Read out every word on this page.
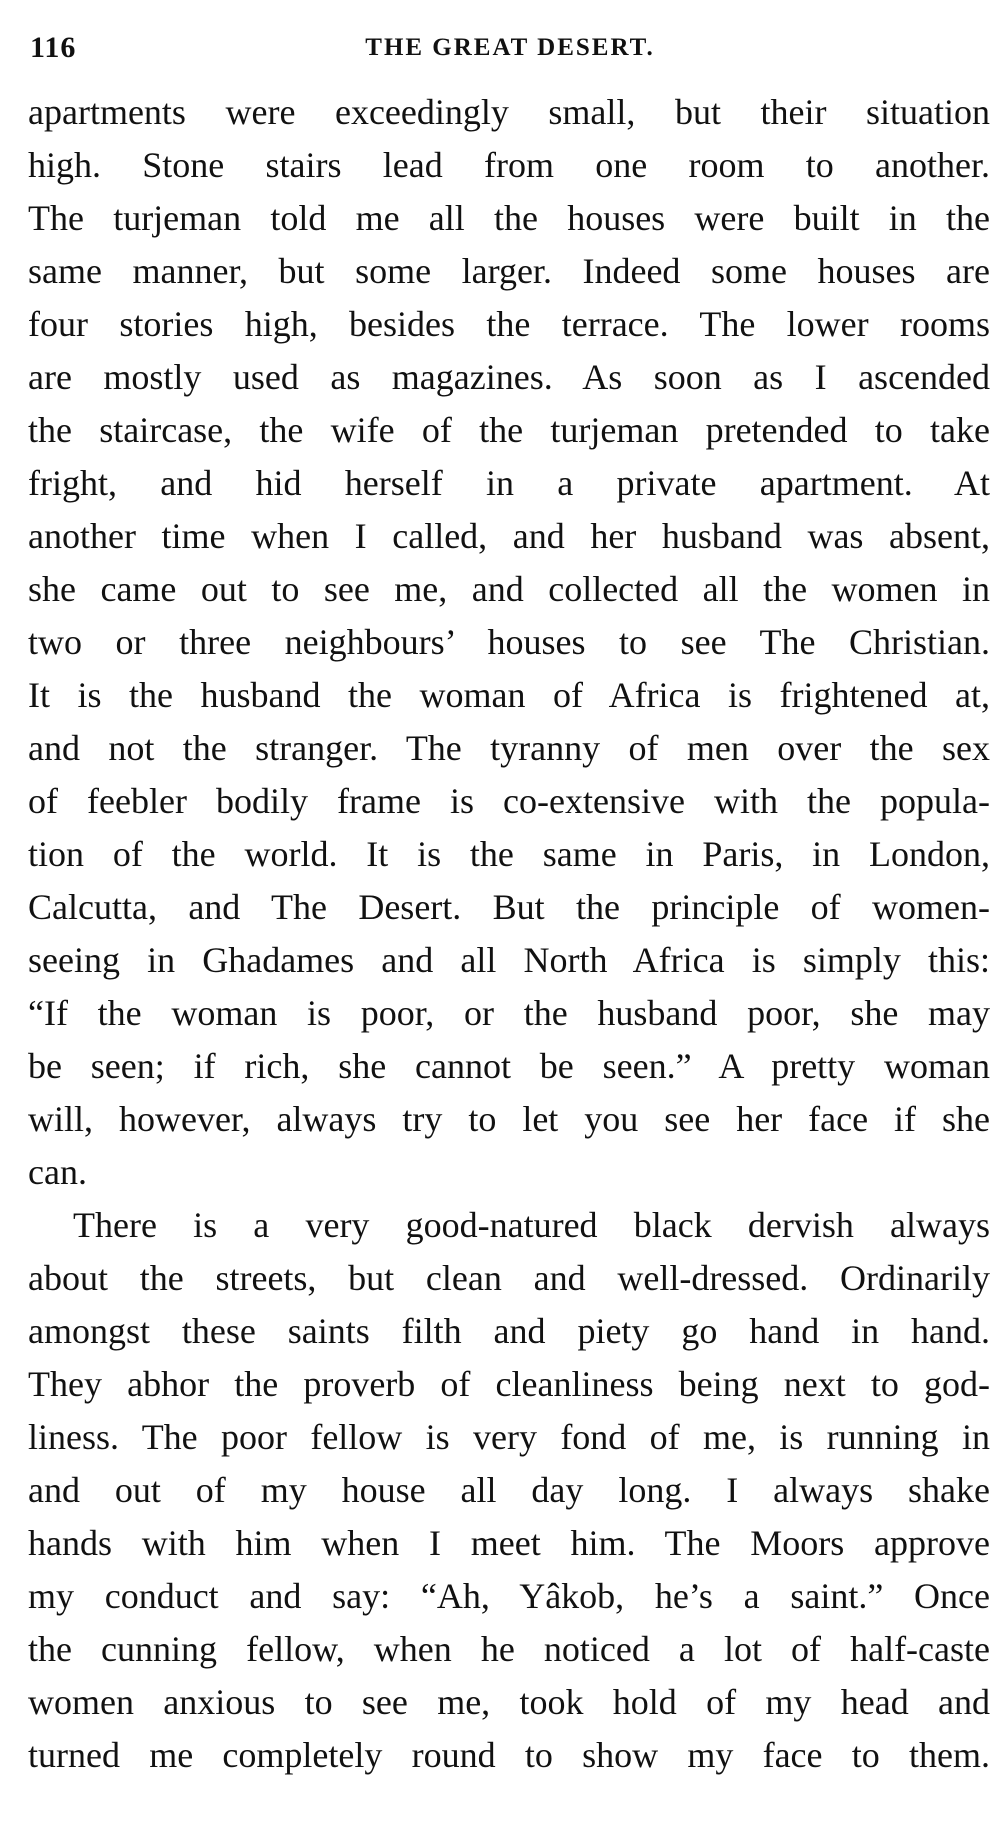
116	THE GREAT DESERT.
apartments were exceedingly small, but their situation
high. Stone stairs lead from one room to another.
The turjeman told me all the houses were built in the
same manner, but some larger. Indeed some houses are
four stories high, besides the terrace. The lower rooms
are mostly used as magazines. As soon as I ascended
the staircase, the wife of the turjeman pretended to take
fright, and hid herself in a private apartment. At
another time when I called, and her husband was absent,
she came out to see me, and collected all the women in
two or three neighbours’ houses to see The Christian.
It is the husband the woman of Africa is frightened at,
and not the stranger. The tyranny of men over the sex
of feebler bodily frame is co-extensive with the popula-
tion of the world. It is the same in Paris, in London,
Calcutta, and The Desert. But the principle of women-
seeing in Ghadames and all North Africa is simply this:
“If the woman is poor, or the husband poor, she may
be seen; if rich, she cannot be seen.” A pretty woman
will, however, always try to let you see her face if she
can.
There is a very good-natured black dervish always
about the streets, but clean and well-dressed. Ordinarily
amongst these saints filth and piety go hand in hand.
They abhor the proverb of cleanliness being next to god-
liness. The poor fellow is very fond of me, is running in
and out of my house all day long. I always shake
hands with him when I meet him. The Moors approve
my conduct and say: “Ah, Yâkob, he’s a saint.” Once
the cunning fellow, when he noticed a lot of half-caste
women anxious to see me, took hold of my head and
turned me completely round to show my face to them.
